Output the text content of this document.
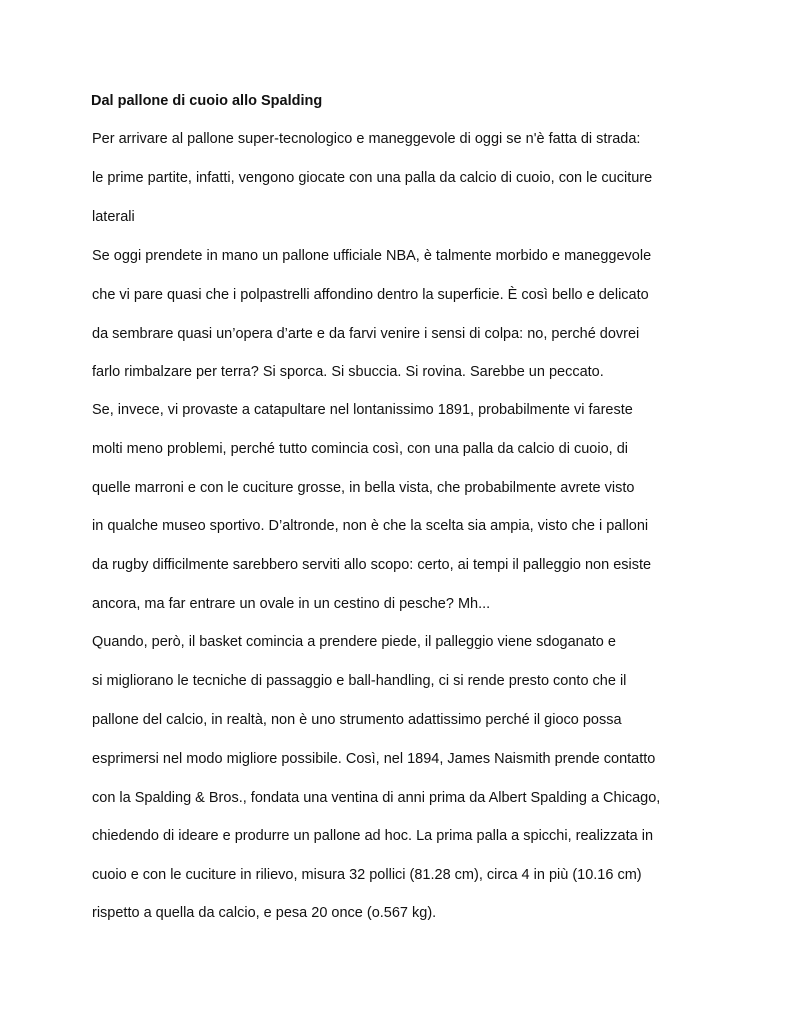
Dal pallone di cuoio allo Spalding

Per arrivare al pallone super-tecnologico e maneggevole di oggi se n'è fatta di strada:

le prime partite, infatti, vengono giocate con una palla da calcio di cuoio, con le cuciture

laterali

Se oggi prendete in mano un pallone ufficiale NBA, è talmente morbido e maneggevole

che vi pare quasi che i polpastrelli affondino dentro la superficie. È così bello e delicato

da sembrare quasi un’opera d’arte e da farvi venire i sensi di colpa: no, perché dovrei

farlo rimbalzare per terra? Si sporca. Si sbuccia. Si rovina. Sarebbe un peccato.

Se, invece, vi provaste a catapultare nel lontanissimo 1891, probabilmente vi fareste

molti meno problemi, perché tutto comincia così, con una palla da calcio di cuoio, di

quelle marroni e con le cuciture grosse, in bella vista, che probabilmente avrete visto

in qualche museo sportivo. D’altronde, non è che la scelta sia ampia, visto che i palloni

da rugby difficilmente sarebbero serviti allo scopo: certo, ai tempi il palleggio non esiste

ancora, ma far entrare un ovale in un cestino di pesche? Mh...

Quando, però, il basket comincia a prendere piede, il palleggio viene sdoganato e

si migliorano le tecniche di passaggio e ball-handling, ci si rende presto conto che il

pallone del calcio, in realtà, non è uno strumento adattissimo perché il gioco possa

esprimersi nel modo migliore possibile. Così, nel 1894, James Naismith prende contatto

con la Spalding & Bros., fondata una ventina di anni prima da Albert Spalding a Chicago,

chiedendo di ideare e produrre un pallone ad hoc. La prima palla a spicchi, realizzata in

cuoio e con le cuciture in rilievo, misura 32 pollici (81.28 cm), circa 4 in più (10.16 cm)

rispetto a quella da calcio, e pesa 20 once (o.567 kg).
